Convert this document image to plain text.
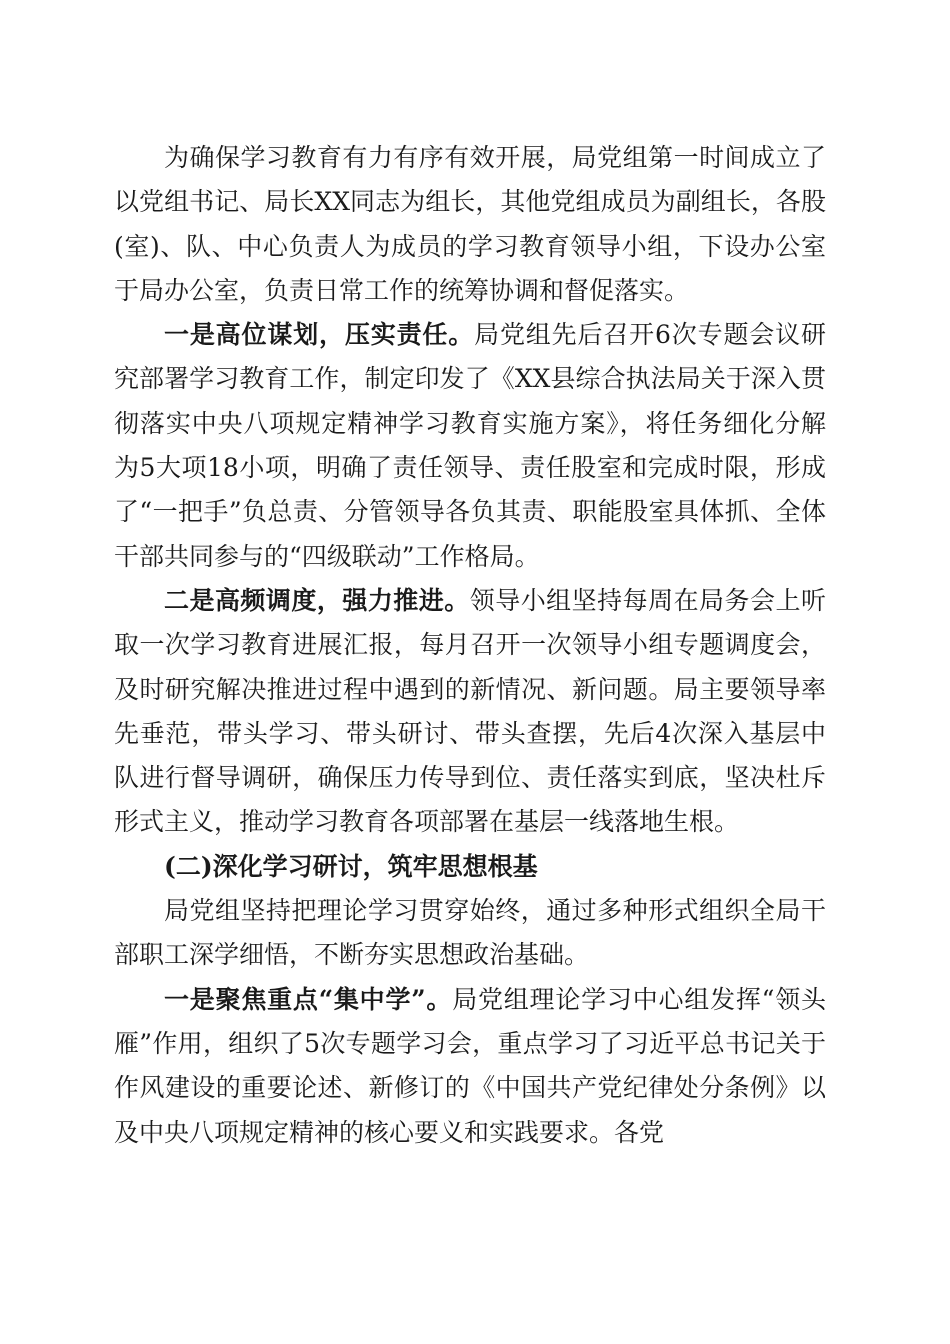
为确保学习教育有力有序有效开展，局党组第一时间成立了以党组书记、局长XX同志为组长，其他党组成员为副组长，各股(室)、队、中心负责人为成员的学习教育领导小组，下设办公室于局办公室，负责日常工作的统筹协调和督促落实。

一是高位谋划，压实责任。局党组先后召开6次专题会议研究部署学习教育工作，制定印发了《XX县综合执法局关于深入贯彻落实中央八项规定精神学习教育实施方案》，将任务细化分解为5大项18小项，明确了责任领导、责任股室和完成时限，形成了“一把手”负总责、分管领导各负其责、职能股室具体抓、全体干部共同参与的“四级联动”工作格局。

二是高频调度，强力推进。领导小组坚持每周在局务会上听取一次学习教育进展汇报，每月召开一次领导小组专题调度会，及时研究解决推进过程中遇到的新情况、新问题。局主要领导率先垂范，带头学习、带头研讨、带头查摆，先后4次深入基层中队进行督导调研，确保压力传导到位、责任落实到底，坚决杜斥形式主义，推动学习教育各项部署在基层一线落地生根。

(二)深化学习研讨，筑牢思想根基

局党组坚持把理论学习贯穿始终，通过多种形式组织全局干部职工深学细悟，不断夯实思想政治基础。

一是聚焦重点“集中学”。局党组理论学习中心组发挥“领头雁”作用，组织了5次专题学习会，重点学习了习近平总书记关于作风建设的重要论述、新修订的《中国共产党纪律处分条例》以及中央八项规定精神的核心要义和实践要求。各党
